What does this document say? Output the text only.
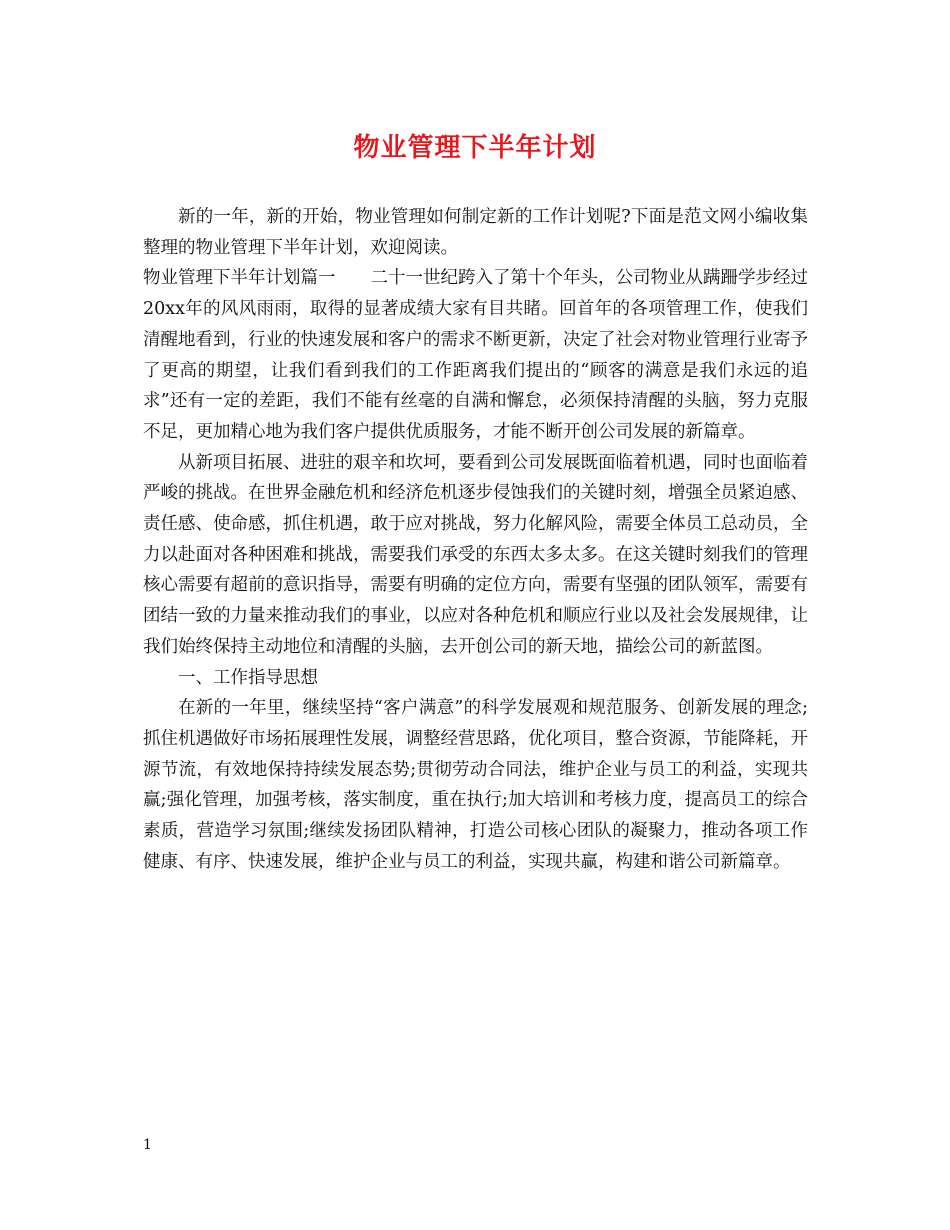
物业管理下半年计划

新的一年，新的开始，物业管理如何制定新的工作计划呢?下面是范文网小编收集整理的物业管理下半年计划，欢迎阅读。

物业管理下半年计划篇一　　二十一世纪跨入了第十个年头，公司物业从蹒跚学步经过20xx年的风风雨雨，取得的显著成绩大家有目共睹。回首年的各项管理工作，使我们清醒地看到，行业的快速发展和客户的需求不断更新，决定了社会对物业管理行业寄予了更高的期望，让我们看到我们的工作距离我们提出的“顾客的满意是我们永远的追求”还有一定的差距，我们不能有丝毫的自满和懈怠，必须保持清醒的头脑，努力克服不足，更加精心地为我们客户提供优质服务，才能不断开创公司发展的新篇章。

从新项目拓展、进驻的艰辛和坎坷，要看到公司发展既面临着机遇，同时也面临着严峻的挑战。在世界金融危机和经济危机逐步侵蚀我们的关键时刻，增强全员紧迫感、责任感、使命感，抓住机遇，敢于应对挑战，努力化解风险，需要全体员工总动员，全力以赴面对各种困难和挑战，需要我们承受的东西太多太多。在这关键时刻我们的管理核心需要有超前的意识指导，需要有明确的定位方向，需要有坚强的团队领军，需要有团结一致的力量来推动我们的事业，以应对各种危机和顺应行业以及社会发展规律，让我们始终保持主动地位和清醒的头脑，去开创公司的新天地，描绘公司的新蓝图。

一、工作指导思想

在新的一年里，继续坚持“客户满意”的科学发展观和规范服务、创新发展的理念;抓住机遇做好市场拓展理性发展，调整经营思路，优化项目，整合资源，节能降耗，开源节流，有效地保持持续发展态势;贯彻劳动合同法，维护企业与员工的利益，实现共赢;强化管理，加强考核，落实制度，重在执行;加大培训和考核力度，提高员工的综合素质，营造学习氛围;继续发扬团队精神，打造公司核心团队的凝聚力，推动各项工作健康、有序、快速发展，维护企业与员工的利益，实现共赢，构建和谐公司新篇章。

1
